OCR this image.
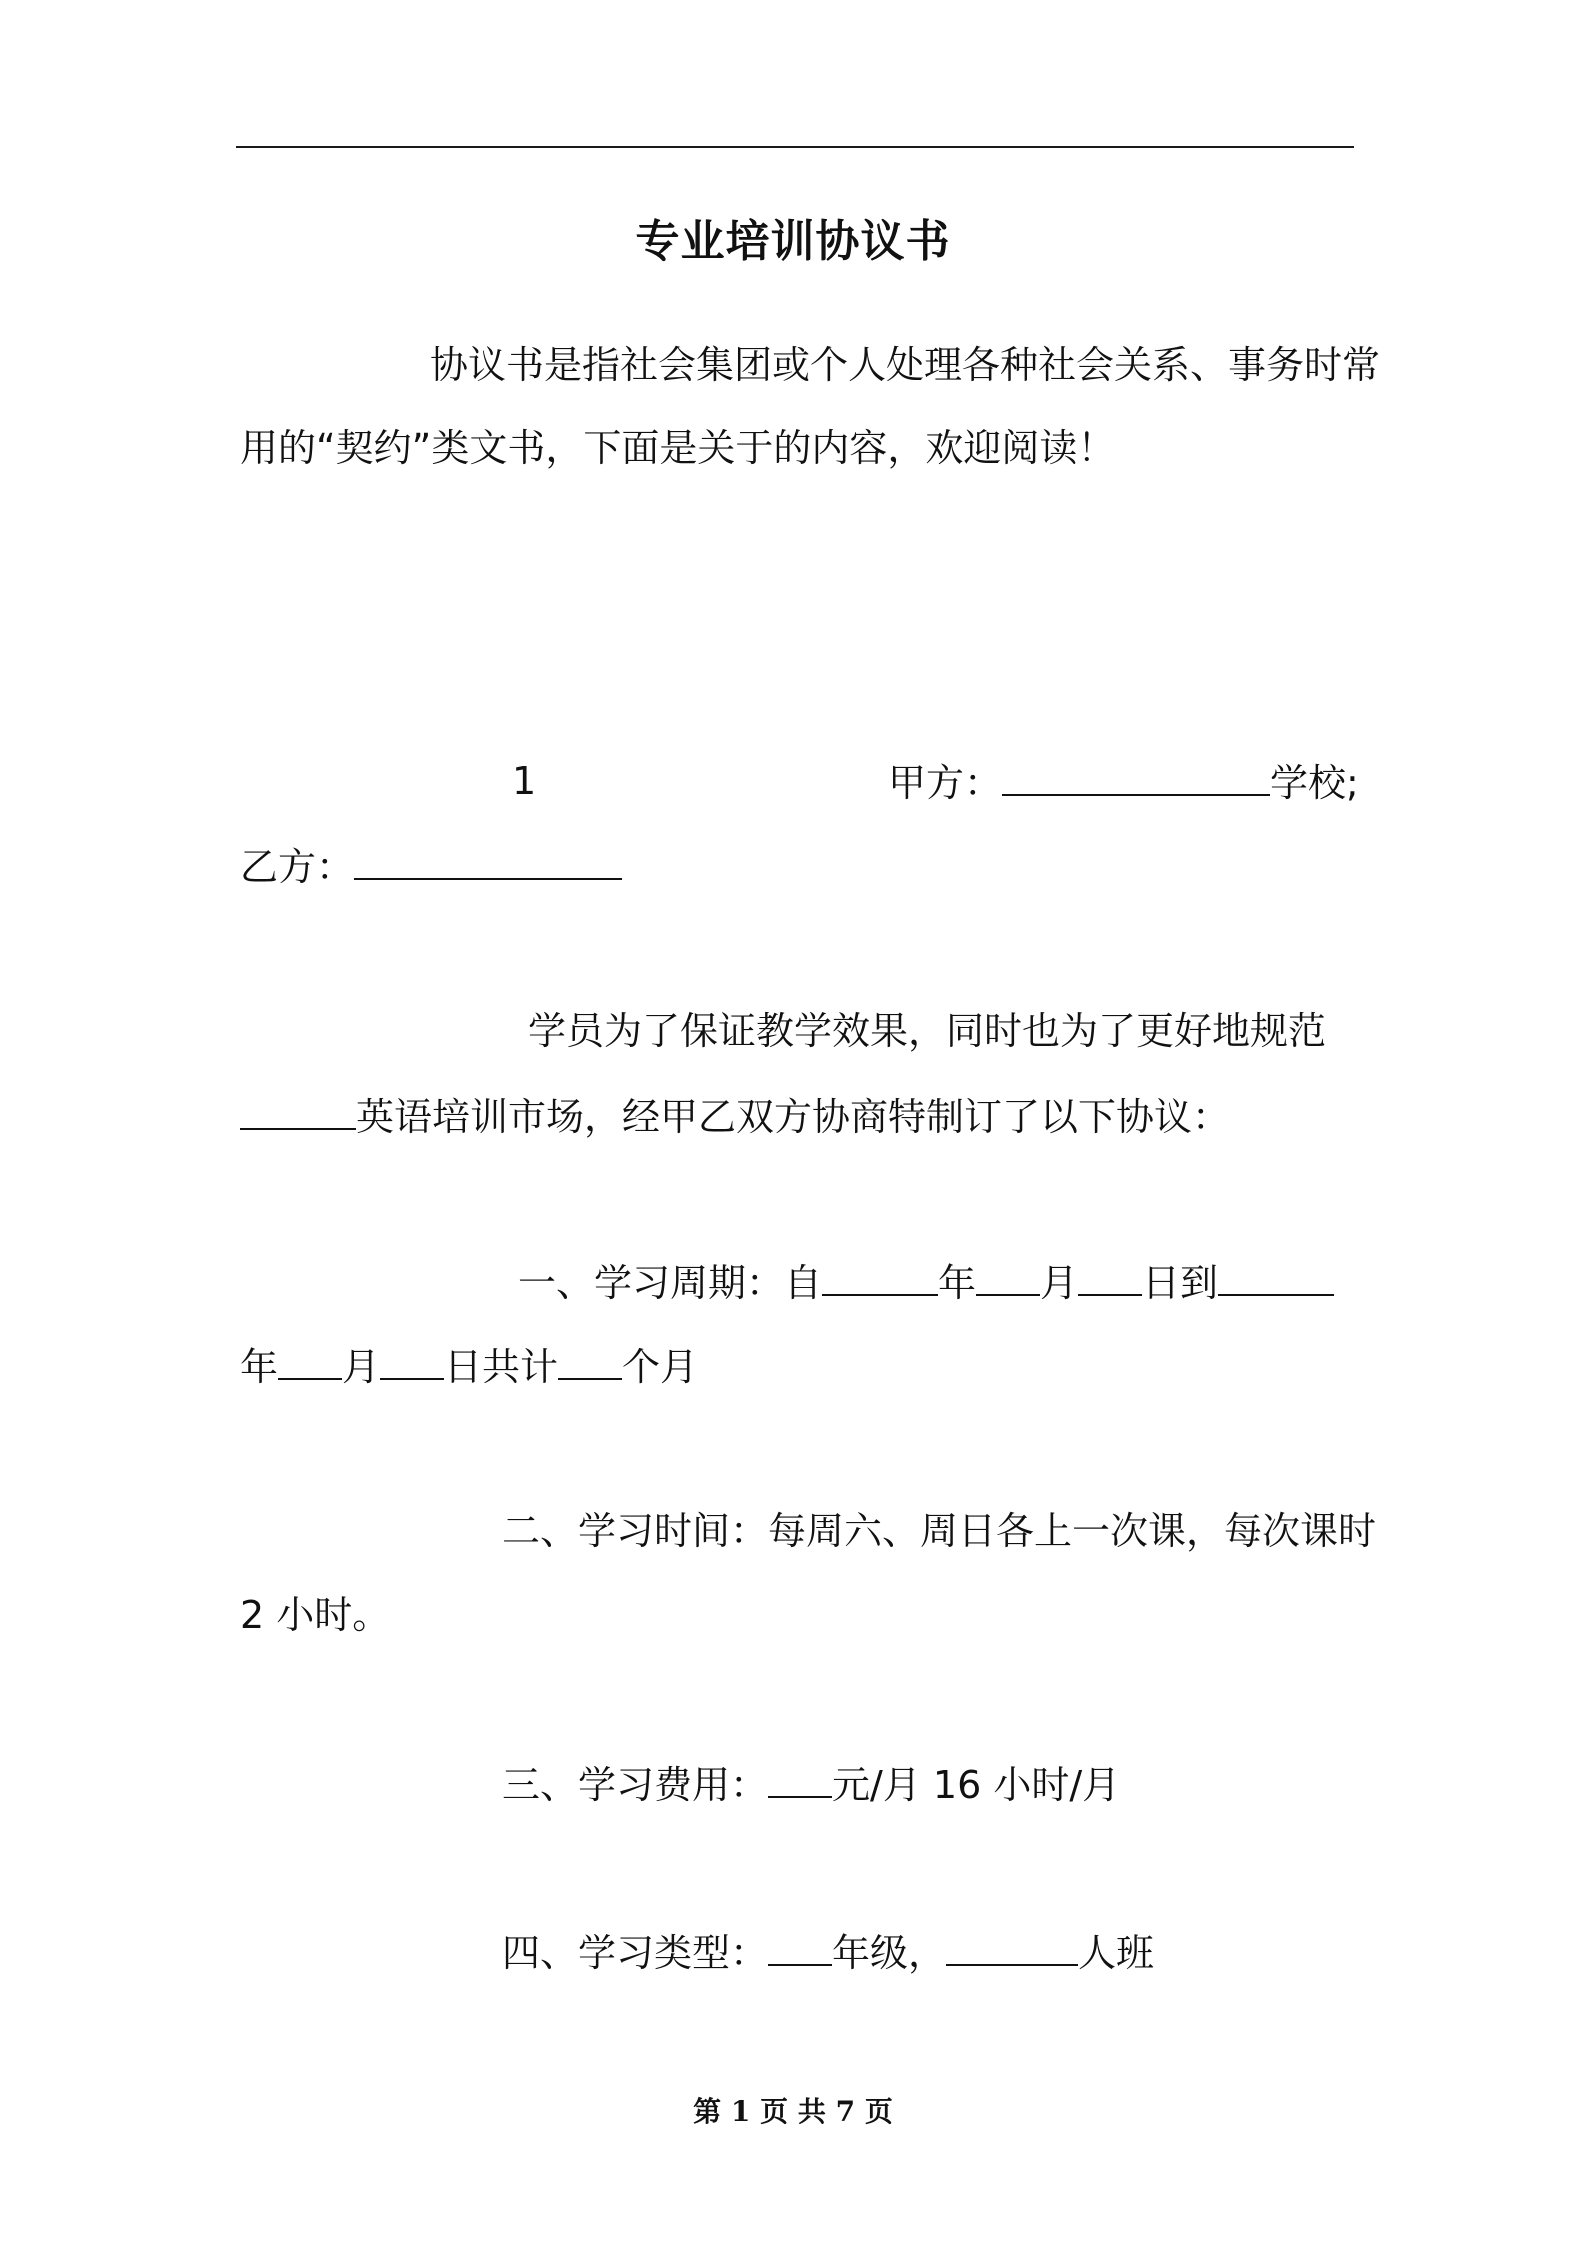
专业培训协议书
协议书是指社会集团或个人处理各种社会关系、事务时常
用的“契约”类文书，下面是关于的内容，欢迎阅读！
1	甲方：	学校;
乙方：
学员为了保证教学效果，同时也为了更好地规范
英语培训市场，经甲乙双方协商特制订了以下协议：
一、学习周期：自	年 月 日到
年 月 日共计 个月
二、学习时间：每周六、周日各上一次课，每次课时
2 小时。
三、学习费用： 元/月 16 小时/月
四、学习类型： 年级，	人班
第 1 页 共 7 页
